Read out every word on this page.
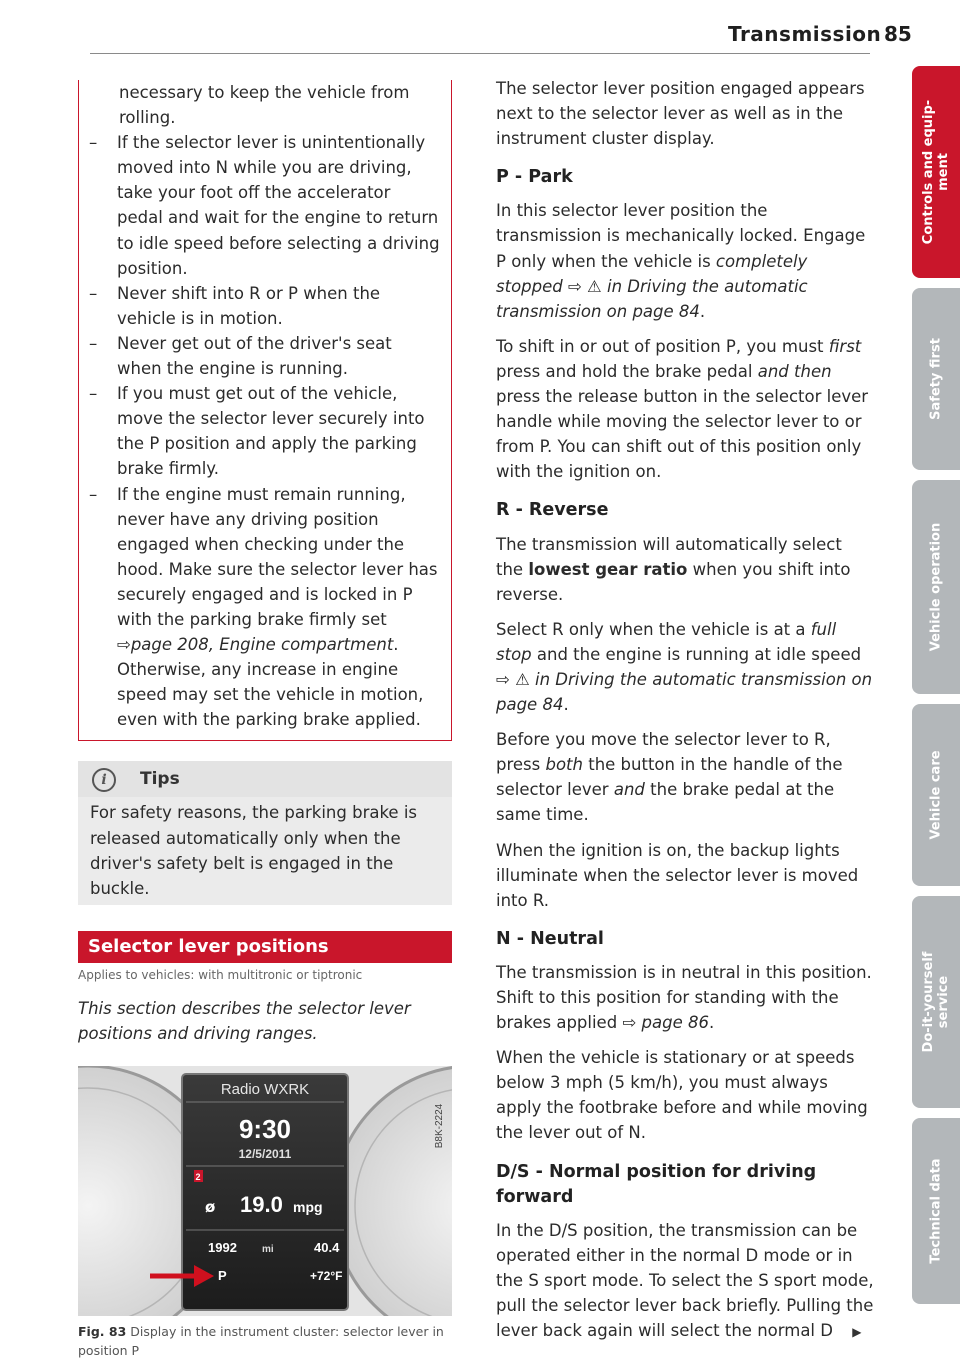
Transmission 85

necessary to keep the vehicle from rolling.

– If the selector lever is unintentionally moved into N while you are driving, take your foot off the accelerator pedal and wait for the engine to return to idle speed before selecting a driving position.

– Never shift into R or P when the vehicle is in motion.

– Never get out of the driver's seat when the engine is running.

– If you must get out of the vehicle, move the selector lever securely into the P position and apply the parking brake firmly.

– If the engine must remain running, never have any driving position engaged when checking under the hood. Make sure the selector lever has securely engaged and is locked in P with the parking brake firmly set ⇨page 208, Engine compartment. Otherwise, any increase in engine speed may set the vehicle in motion, even with the parking brake applied.

i	Tips
For safety reasons, the parking brake is released automatically only when the driver's safety belt is engaged in the buckle.
Selector lever positions
Applies to vehicles: with multitronic or tiptronic
This section describes the selector lever positions and driving ranges.
Radio WXRK
9:30
12/5/2011
2
ø 19.0 mpg
1992	mi	40.4
P	+72°F
B8K-2224
Fig. 83 Display in the instrument cluster: selector lever in position P

The selector lever position engaged appears next to the selector lever as well as in the instrument cluster display.

P - Park

In this selector lever position the transmission is mechanically locked. Engage P only when the vehicle is completely stopped ⇨ ⚠ in Driving the automatic transmission on page 84.

To shift in or out of position P, you must first press and hold the brake pedal and then press the release button in the selector lever handle while moving the selector lever to or from P. You can shift out of this position only with the ignition on.

R - Reverse

The transmission will automatically select the lowest gear ratio when you shift into reverse.

Select R only when the vehicle is at a full stop and the engine is running at idle speed ⇨ ⚠ in Driving the automatic transmission on page 84.

Before you move the selector lever to R, press both the button in the handle of the selector lever and the brake pedal at the same time.

When the ignition is on, the backup lights illuminate when the selector lever is moved into R.

N - Neutral

The transmission is in neutral in this position. Shift to this position for standing with the brakes applied ⇨ page 86.

When the vehicle is stationary or at speeds below 3 mph (5 km/h), you must always apply the footbrake before and while moving the lever out of N.

D/S - Normal position for driving forward

In the D/S position, the transmission can be operated either in the normal D mode or in the S sport mode. To select the S sport mode, pull the selector lever back briefly. Pulling the lever back again will select the normal D ▶

Controls and equip-
ment
Safety first
Vehicle operation
Vehicle care
Do-it-yourself
service
Technical data
